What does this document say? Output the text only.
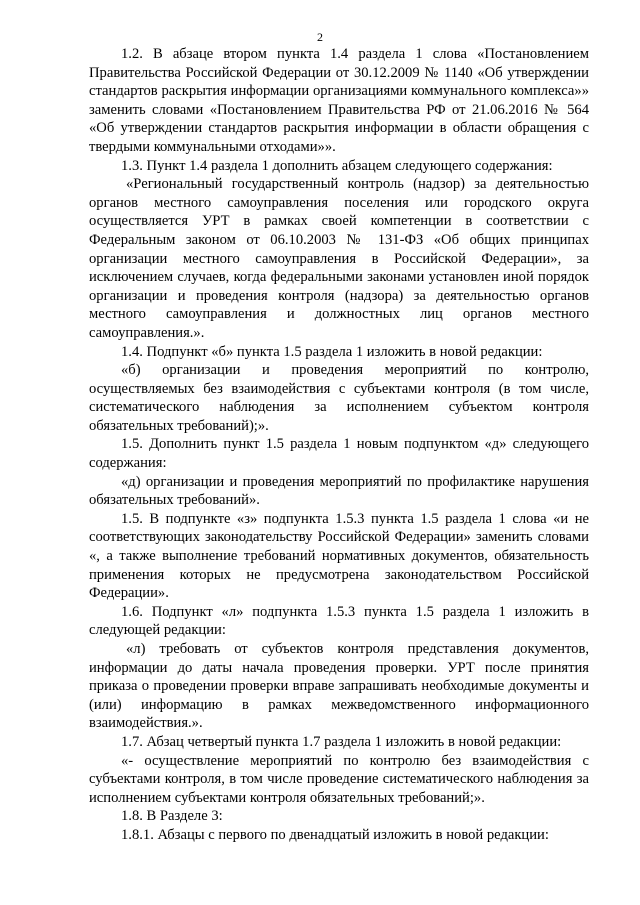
2

1.2. В абзаце втором пункта 1.4 раздела 1 слова «Постановлением Правительства Российской Федерации от 30.12.2009 № 1140 «Об утверждении стандартов раскрытия информации организациями коммунального комплекса»» заменить словами «Постановлением Правительства РФ от 21.06.2016 № 564 «Об утверждении стандартов раскрытия информации в области обращения с твердыми коммунальными отходами»».

1.3. Пункт 1.4 раздела 1 дополнить абзацем следующего содержания:

«Региональный государственный контроль (надзор) за деятельностью органов местного самоуправления поселения или городского округа осуществляется УРТ в рамках своей компетенции в соответствии с Федеральным законом от 06.10.2003 № 131-ФЗ «Об общих принципах организации местного самоуправления в Российской Федерации», за исключением случаев, когда федеральными законами установлен иной порядок организации и проведения контроля (надзора) за деятельностью органов местного самоуправления и должностных лиц органов местного самоуправления.».

1.4. Подпункт «б» пункта 1.5 раздела 1 изложить в новой редакции:

«б) организации и проведения мероприятий по контролю, осуществляемых без взаимодействия с субъектами контроля (в том числе, систематического наблюдения за исполнением субъектом контроля обязательных требований);».

1.5. Дополнить пункт 1.5 раздела 1 новым подпунктом «д» следующего содержания:

«д) организации и проведения мероприятий по профилактике нарушения обязательных требований».

1.5. В подпункте «з» подпункта 1.5.3 пункта 1.5 раздела 1 слова «и не соответствующих законодательству Российской Федерации» заменить словами «, а также выполнение требований нормативных документов, обязательность применения которых не предусмотрена законодательством Российской Федерации».

1.6. Подпункт «л» подпункта 1.5.3 пункта 1.5 раздела 1 изложить в следующей редакции:

«л) требовать от субъектов контроля представления документов, информации до даты начала проведения проверки. УРТ после принятия приказа о проведении проверки вправе запрашивать необходимые документы и (или) информацию в рамках межведомственного информационного взаимодействия.».

1.7. Абзац четвертый пункта 1.7 раздела 1 изложить в новой редакции:

«- осуществление мероприятий по контролю без взаимодействия с субъектами контроля, в том числе проведение систематического наблюдения за исполнением субъектами контроля обязательных требований;».

1.8. В Разделе 3:

1.8.1. Абзацы с первого по двенадцатый изложить в новой редакции:
